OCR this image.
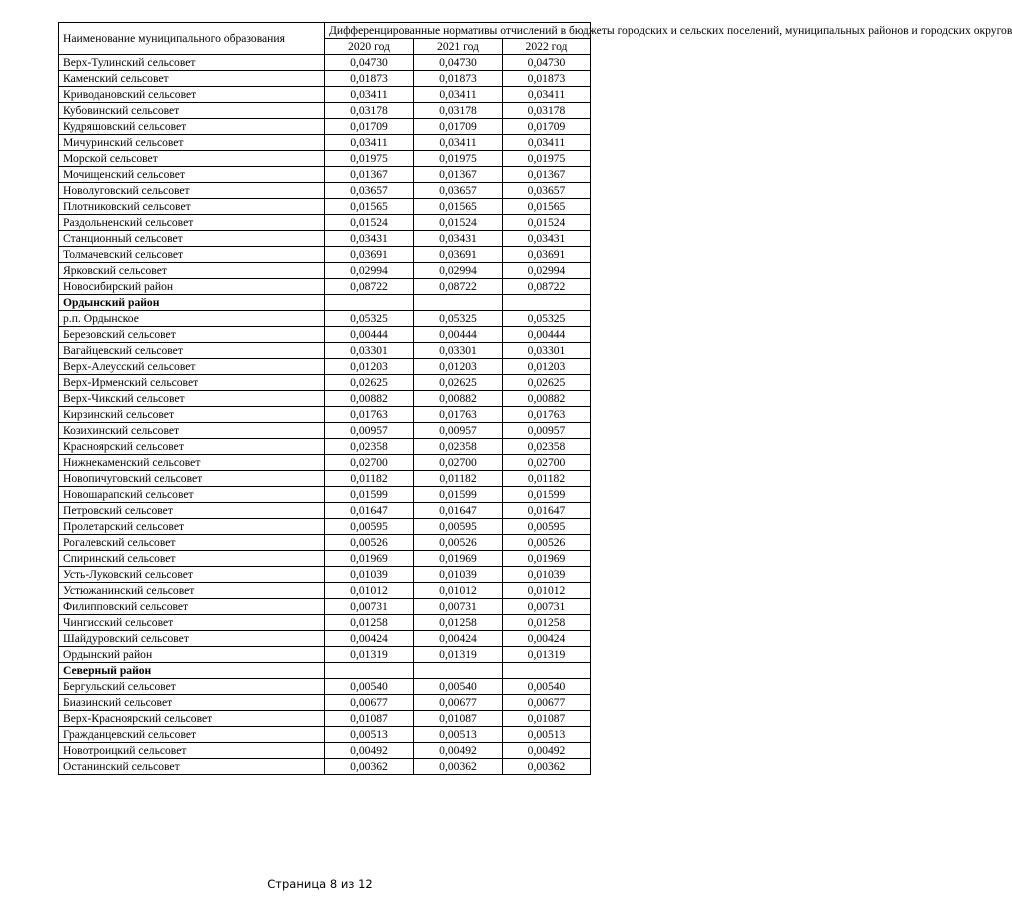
Наименование муниципального образования	Дифференцированные нормативы отчислений в бюджеты городских и сельских поселений, муниципальных районов и городских округов		
	2020 год	2021 год	2022 год
Верх-Тулинский сельсовет	0,04730	0,04730	0,04730
Каменский сельсовет	0,01873	0,01873	0,01873
Криводановский сельсовет	0,03411	0,03411	0,03411
Кубовинский сельсовет	0,03178	0,03178	0,03178
Кудряшовский сельсовет	0,01709	0,01709	0,01709
Мичуринский сельсовет	0,03411	0,03411	0,03411
Морской сельсовет	0,01975	0,01975	0,01975
Мочищенский сельсовет	0,01367	0,01367	0,01367
Новолуговский сельсовет	0,03657	0,03657	0,03657
Плотниковский сельсовет	0,01565	0,01565	0,01565
Раздольненский сельсовет	0,01524	0,01524	0,01524
Станционный сельсовет	0,03431	0,03431	0,03431
Толмачевский сельсовет	0,03691	0,03691	0,03691
Ярковский сельсовет	0,02994	0,02994	0,02994
Новосибирский район	0,08722	0,08722	0,08722
Ордынский район			
р.п. Ордынское	0,05325	0,05325	0,05325
Березовский сельсовет	0,00444	0,00444	0,00444
Вагайцевский сельсовет	0,03301	0,03301	0,03301
Верх-Алеусский сельсовет	0,01203	0,01203	0,01203
Верх-Ирменский сельсовет	0,02625	0,02625	0,02625
Верх-Чикский сельсовет	0,00882	0,00882	0,00882
Кирзинский сельсовет	0,01763	0,01763	0,01763
Козихинский сельсовет	0,00957	0,00957	0,00957
Красноярский сельсовет	0,02358	0,02358	0,02358
Нижнекаменский сельсовет	0,02700	0,02700	0,02700
Новопичуговский сельсовет	0,01182	0,01182	0,01182
Новошарапский сельсовет	0,01599	0,01599	0,01599
Петровский сельсовет	0,01647	0,01647	0,01647
Пролетарский сельсовет	0,00595	0,00595	0,00595
Рогалевский сельсовет	0,00526	0,00526	0,00526
Спиринский сельсовет	0,01969	0,01969	0,01969
Усть-Луковский сельсовет	0,01039	0,01039	0,01039
Устюжанинский сельсовет	0,01012	0,01012	0,01012
Филипповский сельсовет	0,00731	0,00731	0,00731
Чингисский сельсовет	0,01258	0,01258	0,01258
Шайдуровский сельсовет	0,00424	0,00424	0,00424
Ордынский район	0,01319	0,01319	0,01319
Северный район			
Бергульский сельсовет	0,00540	0,00540	0,00540
Биазинский сельсовет	0,00677	0,00677	0,00677
Верх-Красноярский сельсовет	0,01087	0,01087	0,01087
Гражданцевский сельсовет	0,00513	0,00513	0,00513
Новотроицкий сельсовет	0,00492	0,00492	0,00492
Останинский сельсовет	0,00362	0,00362	0,00362
Страница 8 из 12
